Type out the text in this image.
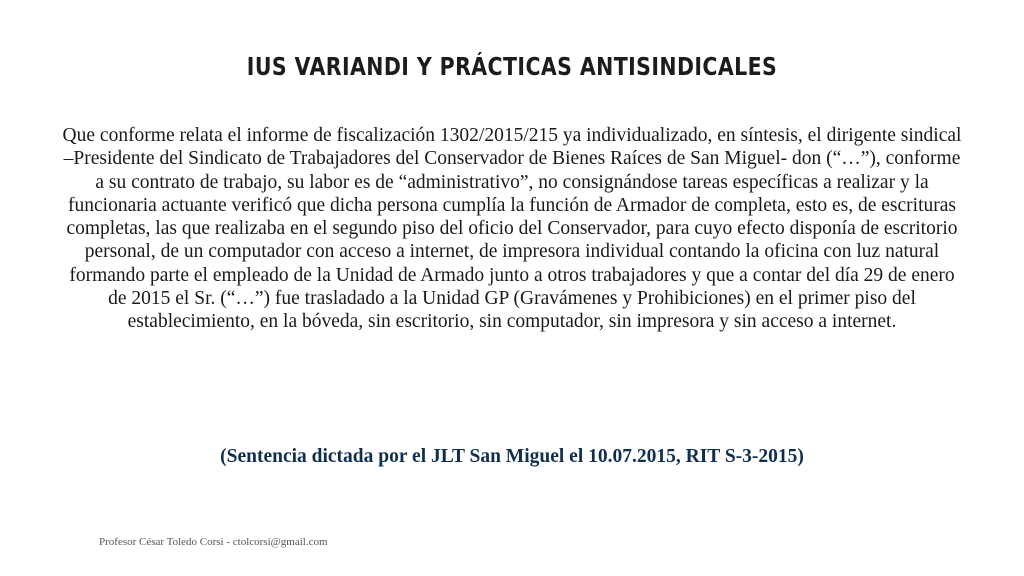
IUS VARIANDI Y PRÁCTICAS ANTISINDICALES
Que conforme relata el informe de fiscalización 1302/2015/215 ya individualizado, en síntesis, el dirigente sindical –Presidente del Sindicato de Trabajadores del Conservador de Bienes Raíces de San Miguel- don (“…”), conforme a su contrato de trabajo, su labor es de “administrativo”, no consignándose tareas específicas a realizar y la funcionaria actuante verificó que dicha persona cumplía la función de Armador de completa, esto es, de escrituras completas, las que realizaba en el segundo piso del oficio del Conservador, para cuyo efecto disponía de escritorio personal, de un computador con acceso a internet, de impresora individual contando la oficina con luz natural formando parte el empleado de la Unidad de Armado junto a otros trabajadores y que a contar del día 29 de enero de 2015 el Sr. (“…”) fue trasladado a la Unidad GP (Gravámenes y Prohibiciones) en el primer piso del establecimiento, en la bóveda, sin escritorio, sin computador, sin impresora y sin acceso a internet.
(Sentencia dictada por el JLT San Miguel el 10.07.2015, RIT S-3-2015)
Profesor César Toledo Corsi - ctolcorsi@gmail.com
